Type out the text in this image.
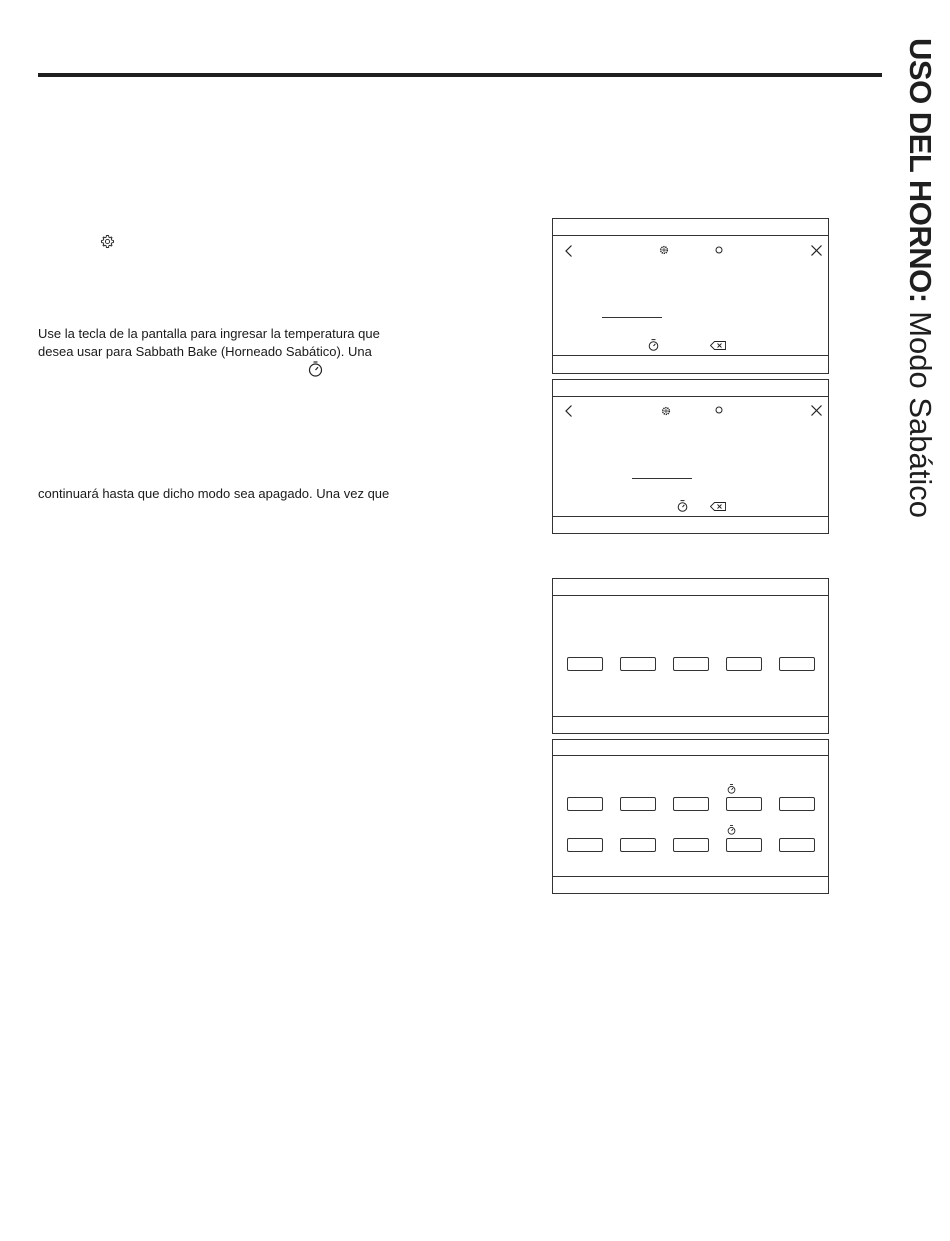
USO DEL HORNO: Modo Sabático

Use la tecla de la pantalla para ingresar la temperatura que
desea usar para Sabbath Bake (Horneado Sabático). Una

continuará hasta que dicho modo sea apagado. Una vez que
